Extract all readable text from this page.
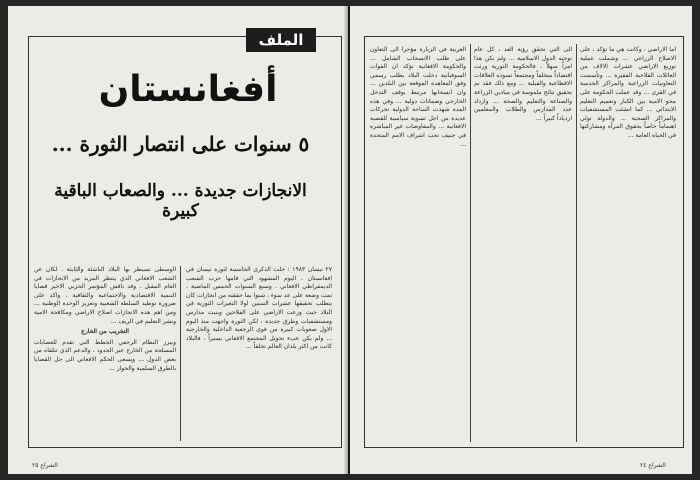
الملف
أفغانستان
٥ سنوات على انتصار الثورة ...
الانجازات جديدة ... والصعاب الباقية كبيرة
٢٧ نيسان ١٩٨٣ : حلت الذكرى الخامسة لثورة نيسان في افغانستان . اليوم المشهود التي قامها حزب الشعب الديمقراطي الافغاني . وسبع السنوات الخمس الماضية ، تمت وضعة على عد سوء ، شتوا بما حققته من انجازات كان يتطلب تحقيقها عشرات السنين لولا التغيرات الثورية في البلاد حيث وزعت الاراضي على الفلاحين وبنيت مدارس ومستشفيات وطرق جديدة ، لكن الثورة واجهت منذ اليوم الاول صعوبات كبيرة من قوى الرجعية الداخلية والخارجية ... ولم يكن عبء تحويل المجتمع الافغاني يسيراً ، فالبلاد كانت من اكثر بلدان العالم تخلفاً ...
الوسطى تسيطر بها البلاد الناشئة والثابتة . لكان عن الشعب الافغاني الذي ينتظر المزيد من الانجازات في العام المقبل . وقد ناقش المؤتمر الحزبي الاخير قضايا التنمية الاقتصادية والاجتماعية والثقافية ، واكد على ضرورة توطيد السلطة الشعبية وتعزيز الوحدة الوطنية ... ومن اهم هذه الانجازات اصلاح الاراضي ومكافحة الامية ونشر التعليم في الريف ...
التخريب من الخارج
ويبرز النظام الرجعي الخطط التي تقدم للعصابات المسلحة من الخارج عبر الحدود ، والدعم الذي تتلقاه من بعض الدول ... ويسعى الحكم الافغاني الى حل القضايا بالطرق السلمية والحوار ...
الشراع ٢٥
العربية في الزيارة مؤخراً الى التعاون على طلب الانسحاب الشامل ... والحكومة الافغانية تؤكد ان القوات السوفياتية دخلت البلاد بطلب رسمي وفق المعاهدة الموقعة بين البلدين ... وان انسحابها مرتبط بوقف التدخل الخارجي وضمانات دولية ... وفي هذه المدة شهدت الساحة الدولية تحركات عديدة من اجل تسوية سياسية للقضية الافغانية ... والمفاوضات غير المباشرة في جنيف تحت اشراف الامم المتحدة ...
الى التي تحقق رؤية الغد ، كل عام توجيه الدول الاسلامية ... ولم يكن هذا امراً سهلاً ، فالحكومة الثورية ورثت اقتصاداً متخلفاً ومجتمعاً تسوده العلاقات الاقطاعية والقبلية ... ومع ذلك فقد تم تحقيق نتائج ملموسة في ميادين الزراعة والصناعة والتعليم والصحة ... وازداد عدد المدارس والطلاب والمعلمين ازدياداً كبيراً ...
اما الاراضي ، وكانت هي ما تؤكد ، على الاصلاح الزراعي ... وشملت عملية توزيع الاراضي عشرات الالاف من العائلات الفلاحية الفقيرة ... وتأسست التعاونيات الزراعية والمراكز الخدمية في القرى ... وقد عملت الحكومة على محو الامية بين الكبار وتعميم التعليم الابتدائي ... كما انشئت المستشفيات والمراكز الصحية ... والدولة تولي اهتماماً خاصاً بحقوق المرأة ومشاركتها في الحياة العامة ...
الشراع ٢٤
